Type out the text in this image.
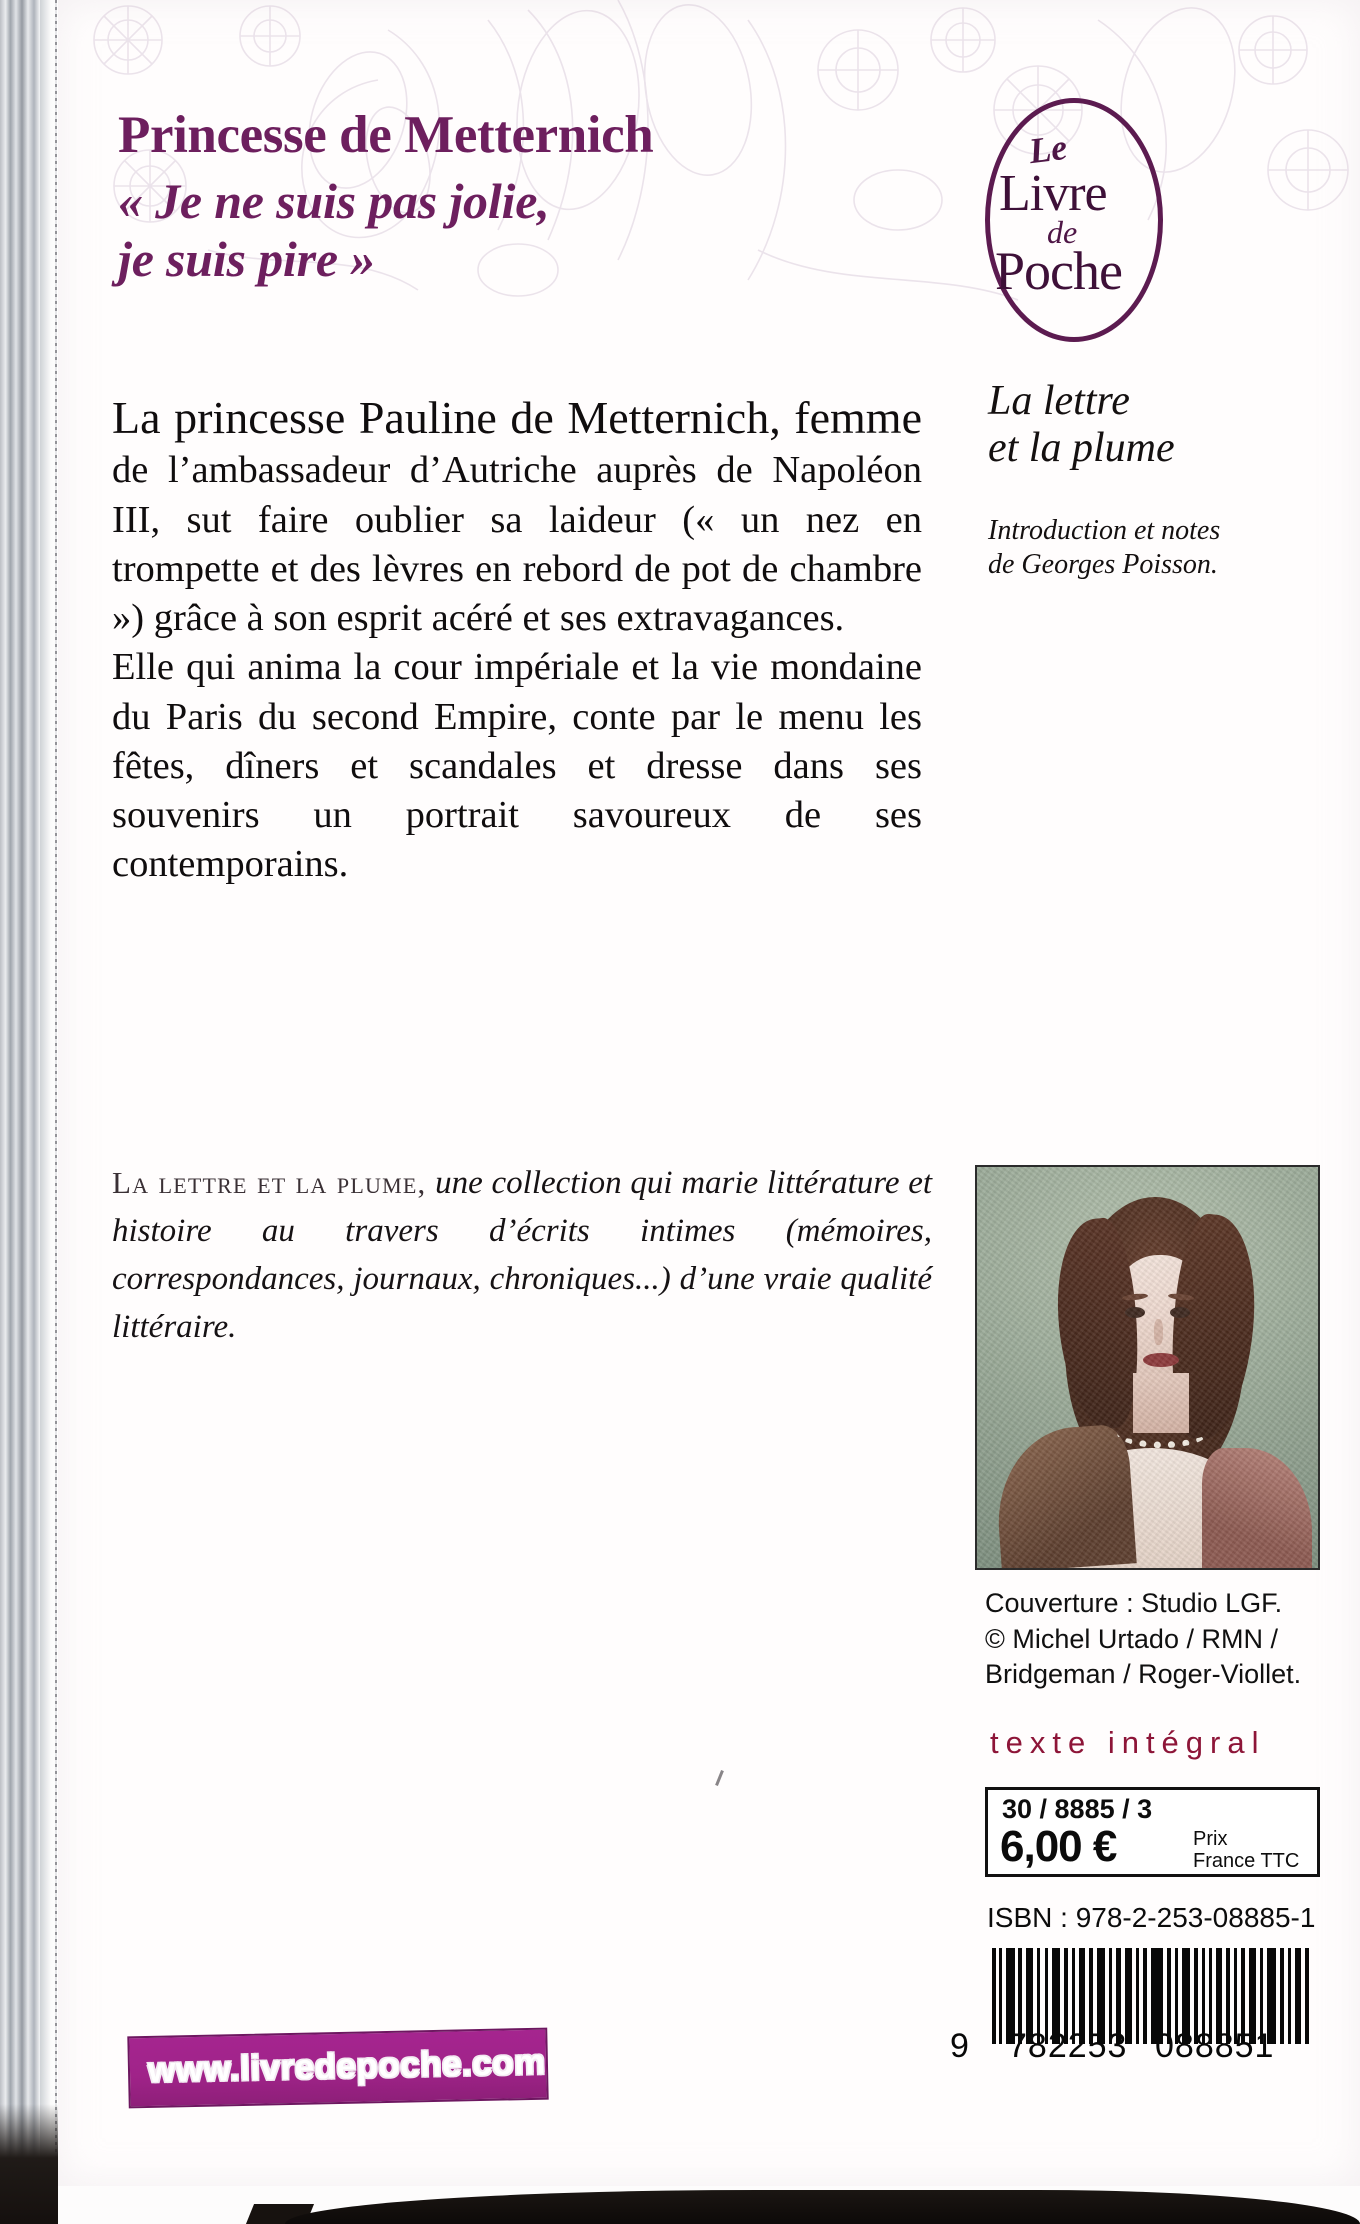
Princesse de Metternich
« Je ne suis pas jolie,
je suis pire »

La princesse Pauline de Metternich, femme de l’ambassadeur d’Autriche auprès de Napoléon III, sut faire oublier sa laideur (« un nez en trompette et des lèvres en rebord de pot de chambre ») grâce à son esprit acéré et ses extravagances.

Elle qui anima la cour impériale et la vie mondaine du Paris du second Empire, conte par le menu les fêtes, dîners et scandales et dresse dans ses souvenirs un portrait savoureux de ses contemporains.

Le
Livre
de
Poche
La lettre
et la plume
Introduction et notes
de Georges Poisson.
La lettre et la plume, une collection qui marie littérature et histoire au travers d’écrits intimes (mémoires, correspondances, journaux, chroniques...) d’une vraie qualité littéraire.
Couverture : Studio LGF.
© Michel Urtado / RMN /
Bridgeman / Roger-Viollet.
texte intégral
30 / 8885 / 3
6,00 €	Prix
France TTC
ISBN : 978-2-253-08885-1
9 782253 088851
www.livredepoche.com
